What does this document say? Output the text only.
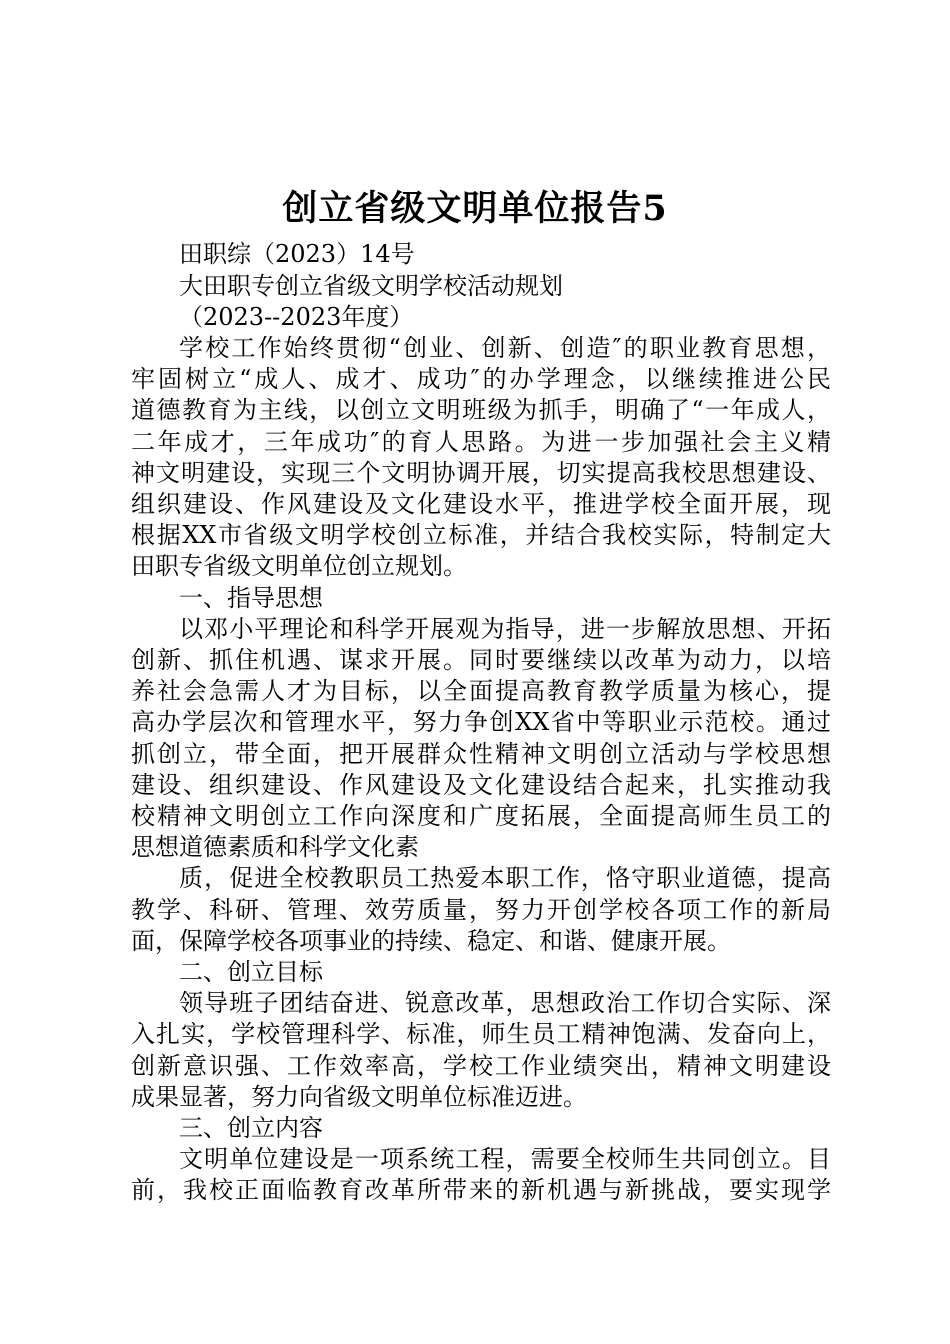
创立省级文明单位报告5
田职综（2023）14号
大田职专创立省级文明学校活动规划
（2023--2023年度）
学校工作始终贯彻“创业、创新、创造″的职业教育思想，
牢固树立“成人、成才、成功″的办学理念，以继续推进公民
道德教育为主线，以创立文明班级为抓手，明确了“一年成人，
二年成才，三年成功″的育人思路。为进一步加强社会主义精
神文明建设，实现三个文明协调开展，切实提高我校思想建设、
组织建设、作风建设及文化建设水平，推进学校全面开展，现
根据XX市省级文明学校创立标准，并结合我校实际，特制定大
田职专省级文明单位创立规划。
一、指导思想
以邓小平理论和科学开展观为指导，进一步解放思想、开拓
创新、抓住机遇、谋求开展。同时要继续以改革为动力，以培
养社会急需人才为目标，以全面提高教育教学质量为核心，提
高办学层次和管理水平，努力争创XX省中等职业示范校。通过
抓创立，带全面，把开展群众性精神文明创立活动与学校思想
建设、组织建设、作风建设及文化建设结合起来，扎实推动我
校精神文明创立工作向深度和广度拓展，全面提高师生员工的
思想道德素质和科学文化素
质，促进全校教职员工热爱本职工作，恪守职业道德，提高
教学、科研、管理、效劳质量，努力开创学校各项工作的新局
面，保障学校各项事业的持续、稳定、和谐、健康开展。
二、创立目标
领导班子团结奋进、锐意改革，思想政治工作切合实际、深
入扎实，学校管理科学、标准，师生员工精神饱满、发奋向上，
创新意识强、工作效率高，学校工作业绩突出，精神文明建设
成果显著，努力向省级文明单位标准迈进。
三、创立内容
文明单位建设是一项系统工程，需要全校师生共同创立。目
前，我校正面临教育改革所带来的新机遇与新挑战，要实现学
